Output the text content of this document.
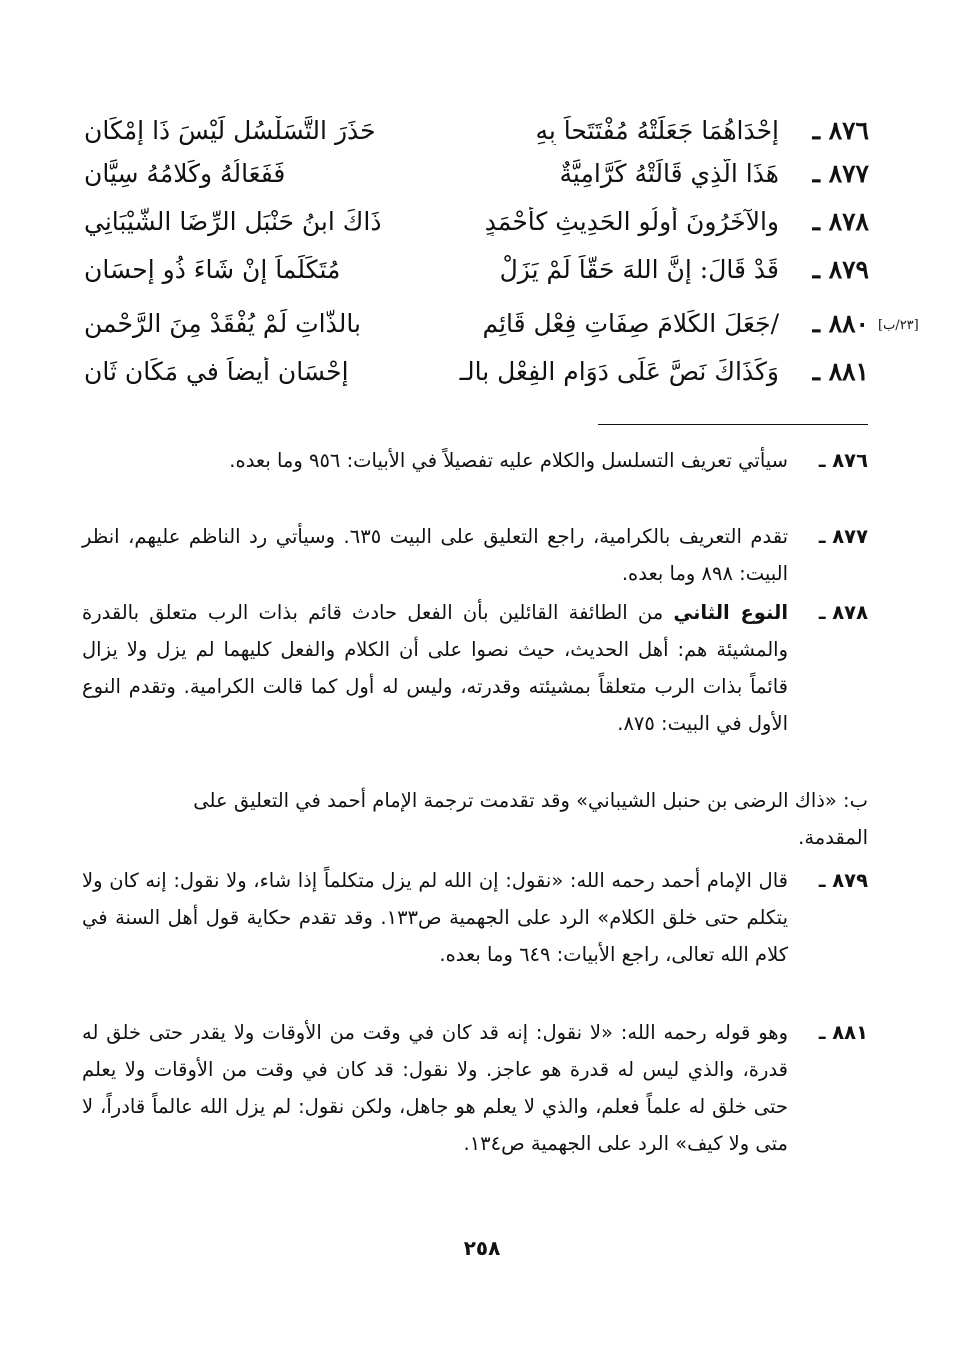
٨٧٦ ـ
إِحْدَاهُمَا جَعَلَتْهُ مُفْتَتَحاً بِهِ
حَذَرَ التَّسَلْسُلِ لَيْسَ ذَا إِمْكَانِ
٨٧٧ ـ
هَذَا الَّذِي قَالَتْهُ كَرَّامِيَّةٌ
فَفَعَالُهُ وكَلامُهُ سِيَّانِ
٨٧٨ ـ
والآخَرُونَ أُولُو الحَدِيثِ كأَحْمَدٍ
ذَاكَ ابنُ حَنْبَلٍ الرِّضَا الشَّيْبَانِي
٨٧٩ ـ
قَدْ قَالَ: إنَّ اللهَ حَقّاً لَمْ يَزَلْ
مُتَكَلِّماً إنْ شَاءَ ذُو إحسَانِ
٨٨٠ ـ
/جَعَلَ الكَلامَ صِفَاتِ فِعْلٍ قَائِم
بالذَّاتِ لَمْ يُفْقَدْ مِنَ الرَّحْمنِ
٨٨١ ـ
وَكَذَاكَ نَصَّ عَلَى دَوَامِ الفِعْلِ بالـ
إحْسَانِ أيضاً في مَكَانٍ ثَانِ
[٢٣/ب]
٨٧٦ ـ
سيأتي تعريف التسلسل والكلام عليه تفصيلاً في الأبيات: ٩٥٦ وما بعده.
٨٧٧ ـ
تقدم التعريف بالكرامية، راجع التعليق على البيت ٦٣٥. وسيأتي رد الناظم عليهم، انظر البيت: ٨٩٨ وما بعده.
٨٧٨ ـ
النوع الثاني من الطائفة القائلين بأن الفعل حادث قائم بذات الرب متعلق بالقدرة والمشيئة هم: أهل الحديث، حيث نصوا على أن الكلام والفعل كليهما لم يزل ولا يزال قائماً بذات الرب متعلقاً بمشيئته وقدرته، وليس له أول كما قالت الكرامية. وتقدم النوع الأول في البيت: ٨٧٥.
ب: «ذاك الرضى بن حنبل الشيباني» وقد تقدمت ترجمة الإمام أحمد في التعليق على المقدمة.
٨٧٩ ـ
قال الإمام أحمد رحمه الله: «نقول: إن الله لم يزل متكلماً إذا شاء، ولا نقول: إنه كان ولا يتكلم حتى خلق الكلام» الرد على الجهمية ص١٣٣. وقد تقدم حكاية قول أهل السنة في كلام الله تعالى، راجع الأبيات: ٦٤٩ وما بعده.
٨٨١ ـ
وهو قوله رحمه الله: «لا نقول: إنه قد كان في وقت من الأوقات ولا يقدر حتى خلق له قدرة، والذي ليس له قدرة هو عاجز. ولا نقول: قد كان في وقت من الأوقات ولا يعلم حتى خلق له علماً فعلم، والذي لا يعلم هو جاهل، ولكن نقول: لم يزل الله عالماً قادراً، لا متى ولا كيف» الرد على الجهمية ص١٣٤.
٢٥٨
